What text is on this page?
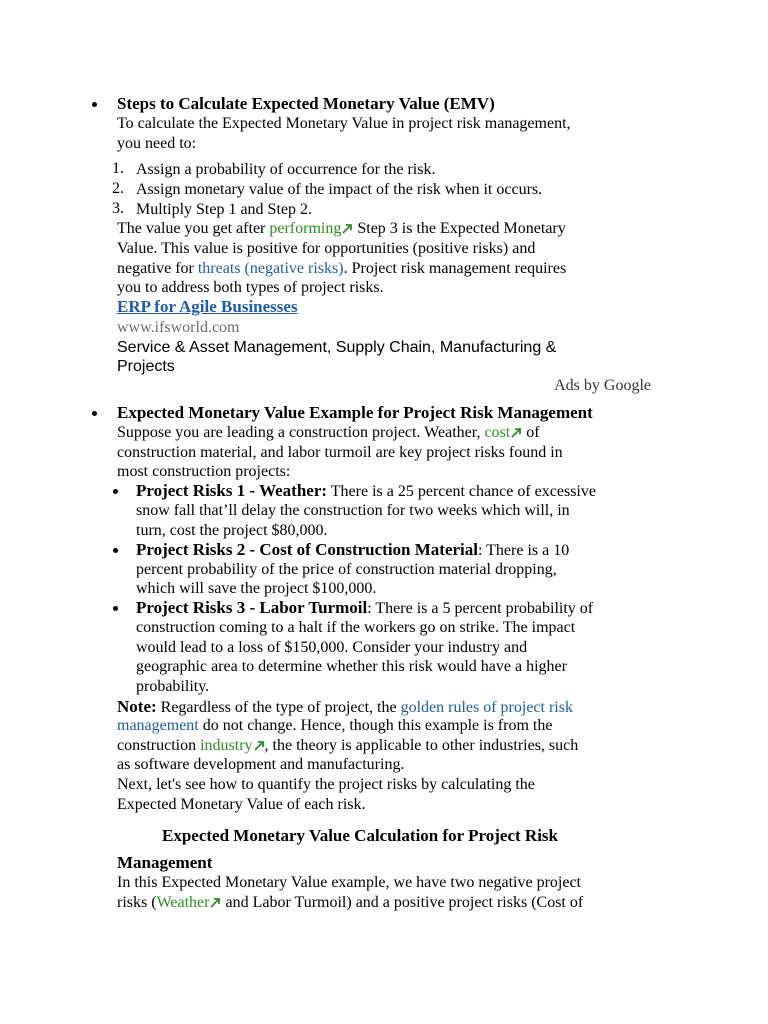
Steps to Calculate Expected Monetary Value (EMV)
To calculate the Expected Monetary Value in project risk management,
you need to:
1. Assign a probability of occurrence for the risk.
2. Assign monetary value of the impact of the risk when it occurs.
3. Multiply Step 1 and Step 2.
The value you get after performing
Step 3 is the Expected Monetary
Value. This value is positive for opportunities (positive risks) and
negative for threats (negative risks). Project risk management requires
you to address both types of project risks.
ERP for Agile Businesses
www.ifsworld.com
Service & Asset Management, Supply Chain, Manufacturing &
Projects
Ads by Google
Expected Monetary Value Example for Project Risk Management
Suppose you are leading a construction project. Weather, cost
of
construction material, and labor turmoil are key project risks found in
most construction projects:
Project Risks 1 - Weather: There is a 25 percent chance of excessive
snow fall that’ll delay the construction for two weeks which will, in
turn, cost the project $80,000.
Project Risks 2 - Cost of Construction Material: There is a 10
percent probability of the price of construction material dropping,
which will save the project $100,000.
Project Risks 3 - Labor Turmoil: There is a 5 percent probability of
construction coming to a halt if the workers go on strike. The impact
would lead to a loss of $150,000. Consider your industry and
geographic area to determine whether this risk would have a higher
probability.
Note: Regardless of the type of project, the golden rules of project risk
management do not change. Hence, though this example is from the
construction industry , the theory is applicable to other industries, such
as software development and manufacturing.
Next, let's see how to quantify the project risks by calculating the
Expected Monetary Value of each risk.
Expected Monetary Value Calculation for Project Risk
Management
In this Expected Monetary Value example, we have two negative project
risks (Weather
and Labor Turmoil) and a positive project risks (Cost of
